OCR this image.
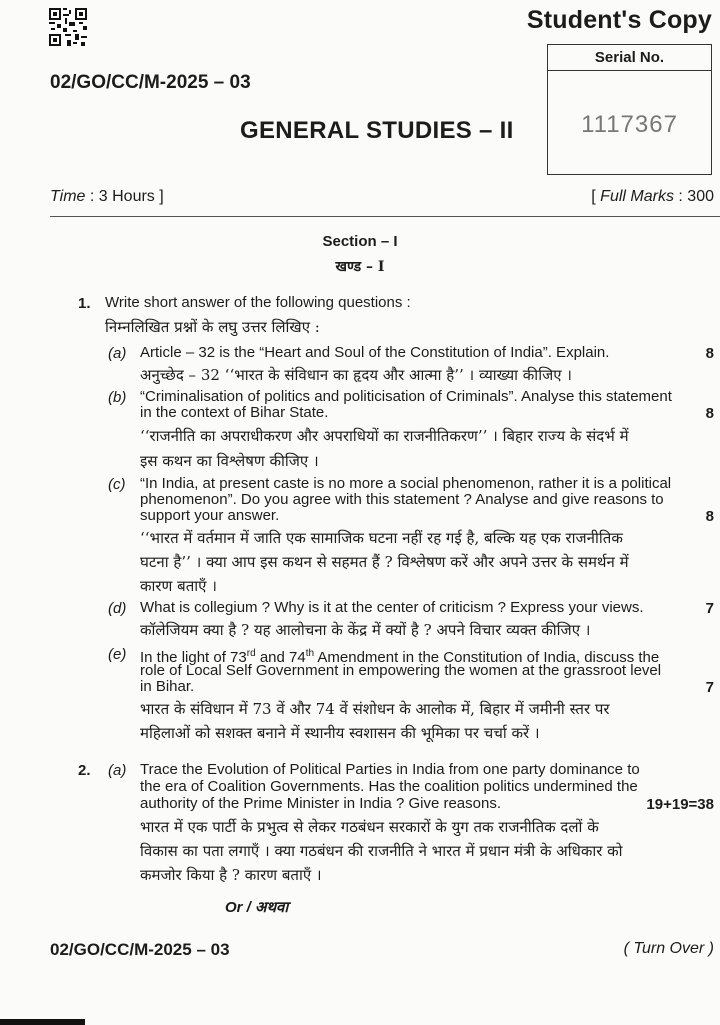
Student's Copy
02/GO/CC/M-2025 – 03
GENERAL STUDIES – II
Serial No.
1117367
Time : 3 Hours ]	[ Full Marks : 300
Section – I
खण्ड – I
1. Write short answer of the following questions :
निम्नलिखित प्रश्नों के लघु उत्तर लिखिए :
(a) Article – 32 is the “Heart and Soul of the Constitution of India”. Explain.	8
अनुच्छेद – 32 ‘‘भारत के संविधान का हृदय और आत्मा है’’ । व्याख्या कीजिए ।
(b) “Criminalisation of politics and politicisation of Criminals”. Analyse this statement
in the context of Bihar State.	8
‘‘राजनीति का अपराधीकरण और अपराधियों का राजनीतिकरण’’ । बिहार राज्य के संदर्भ में
इस कथन का विश्लेषण कीजिए ।
(c) “In India, at present caste is no more a social phenomenon, rather it is a political
phenomenon”. Do you agree with this statement ? Analyse and give reasons to
support your answer.	8
‘‘भारत में वर्तमान में जाति एक सामाजिक घटना नहीं रह गई है, बल्कि यह एक राजनीतिक
घटना है’’ । क्या आप इस कथन से सहमत हैं ? विश्लेषण करें और अपने उत्तर के समर्थन में
कारण बताएँ ।
(d) What is collegium ? Why is it at the center of criticism ? Express your views.	7
कॉलेजियम क्या है ? यह आलोचना के केंद्र में क्यों है ? अपने विचार व्यक्त कीजिए ।
(e) In the light of 73rd and 74th Amendment in the Constitution of India, discuss the
role of Local Self Government in empowering the women at the grassroot level
in Bihar.	7
भारत के संविधान में 73 वें और 74 वें संशोधन के आलोक में, बिहार में जमीनी स्तर पर
महिलाओं को सशक्त बनाने में स्थानीय स्वशासन की भूमिका पर चर्चा करें ।
2. (a) Trace the Evolution of Political Parties in India from one party dominance to
the era of Coalition Governments. Has the coalition politics undermined the
authority of the Prime Minister in India ? Give reasons.	19+19=38
भारत में एक पार्टी के प्रभुत्व से लेकर गठबंधन सरकारों के युग तक राजनीतिक दलों के
विकास का पता लगाएँ । क्या गठबंधन की राजनीति ने भारत में प्रधान मंत्री के अधिकार को
कमजोर किया है ? कारण बताएँ ।
Or / अथवा
02/GO/CC/M-2025 – 03	( Turn Over )
